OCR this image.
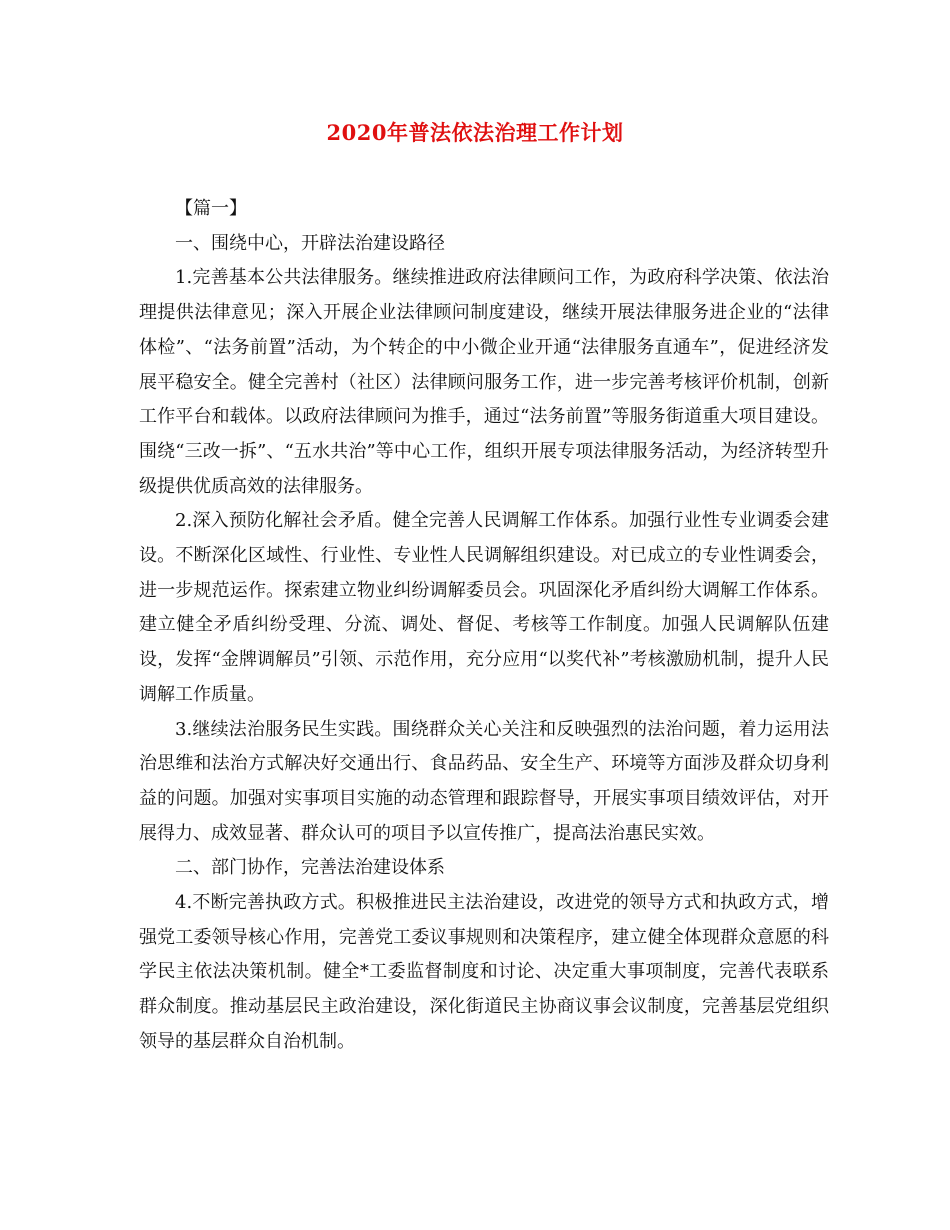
2020年普法依法治理工作计划

【篇一】

一、围绕中心，开辟法治建设路径

1.完善基本公共法律服务。继续推进政府法律顾问工作，为政府科学决策、依法治理提供法律意见；深入开展企业法律顾问制度建设，继续开展法律服务进企业的“法律体检”、“法务前置”活动，为个转企的中小微企业开通“法律服务直通车”，促进经济发展平稳安全。健全完善村（社区）法律顾问服务工作，进一步完善考核评价机制，创新工作平台和载体。以政府法律顾问为推手，通过“法务前置”等服务街道重大项目建设。围绕“三改一拆”、“五水共治”等中心工作，组织开展专项法律服务活动，为经济转型升级提供优质高效的法律服务。

2.深入预防化解社会矛盾。健全完善人民调解工作体系。加强行业性专业调委会建设。不断深化区域性、行业性、专业性人民调解组织建设。对已成立的专业性调委会，进一步规范运作。探索建立物业纠纷调解委员会。巩固深化矛盾纠纷大调解工作体系。建立健全矛盾纠纷受理、分流、调处、督促、考核等工作制度。加强人民调解队伍建设，发挥“金牌调解员”引领、示范作用，充分应用“以奖代补”考核激励机制，提升人民调解工作质量。

3.继续法治服务民生实践。围绕群众关心关注和反映强烈的法治问题，着力运用法治思维和法治方式解决好交通出行、食品药品、安全生产、环境等方面涉及群众切身利益的问题。加强对实事项目实施的动态管理和跟踪督导，开展实事项目绩效评估，对开展得力、成效显著、群众认可的项目予以宣传推广，提高法治惠民实效。

二、部门协作，完善法治建设体系

4.不断完善执政方式。积极推进民主法治建设，改进党的领导方式和执政方式，增强党工委领导核心作用，完善党工委议事规则和决策程序，建立健全体现群众意愿的科学民主依法决策机制。健全*工委监督制度和讨论、决定重大事项制度，完善代表联系群众制度。推动基层民主政治建设，深化街道民主协商议事会议制度，完善基层党组织领导的基层群众自治机制。
